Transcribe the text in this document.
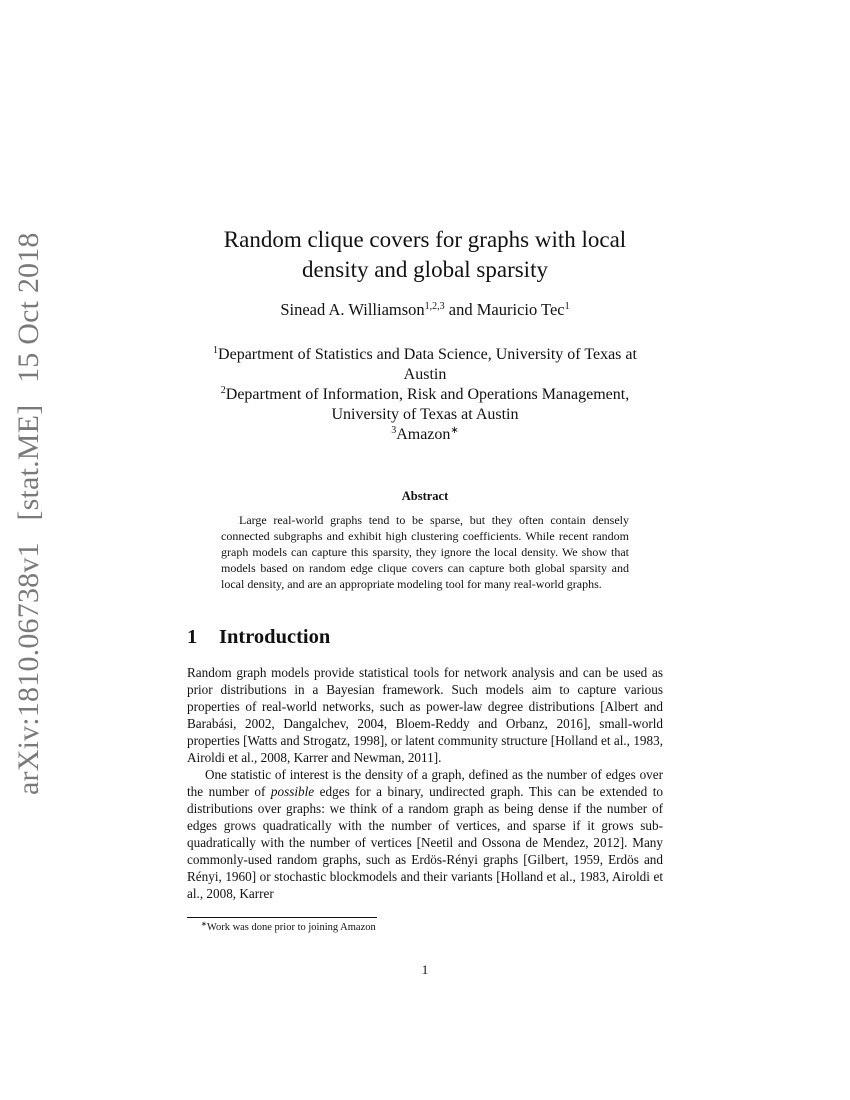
arXiv:1810.06738v1 [stat.ME] 15 Oct 2018	Random clique covers for graphs with local
density and global sparsity
Sinead A. Williamson$^{1,2,3}$ and Mauricio Tec$^1$
$^1$Department of Statistics and Data Science, University of Texas at
Austin
$^2$Department of Information, Risk and Operations Management,
University of Texas at Austin
$^3$Amazon∗
Abstract
Large real-world graphs tend to be sparse, but they often contain densely connected subgraphs and exhibit high clustering coefficients. While recent random graph models can capture this sparsity, they ignore the local density. We show that models based on random edge clique covers can capture both global sparsity and local density, and are an appropriate modeling tool for many real-world graphs.
1 Introduction

Random graph models provide statistical tools for network analysis and can be used as prior distributions in a Bayesian framework. Such models aim to capture various properties of real-world networks, such as power-law degree distributions [Albert and Barabási, 2002, Dangalchev, 2004, Bloem-Reddy and Orbanz, 2016], small-world properties [Watts and Strogatz, 1998], or latent community structure [Holland et al., 1983, Airoldi et al., 2008, Karrer and Newman, 2011].

One statistic of interest is the density of a graph, defined as the number of edges over the number of possible edges for a binary, undirected graph. This can be extended to distributions over graphs: we think of a random graph as being dense if the number of edges grows quadratically with the number of vertices, and sparse if it grows sub-quadratically with the number of vertices [Neetil and Ossona de Mendez, 2012]. Many commonly-used random graphs, such as Erdös-Rényi graphs [Gilbert, 1959, Erdös and Rényi, 1960] or stochastic blockmodels and their variants [Holland et al., 1983, Airoldi et al., 2008, Karrer

∗Work was done prior to joining Amazon
1
